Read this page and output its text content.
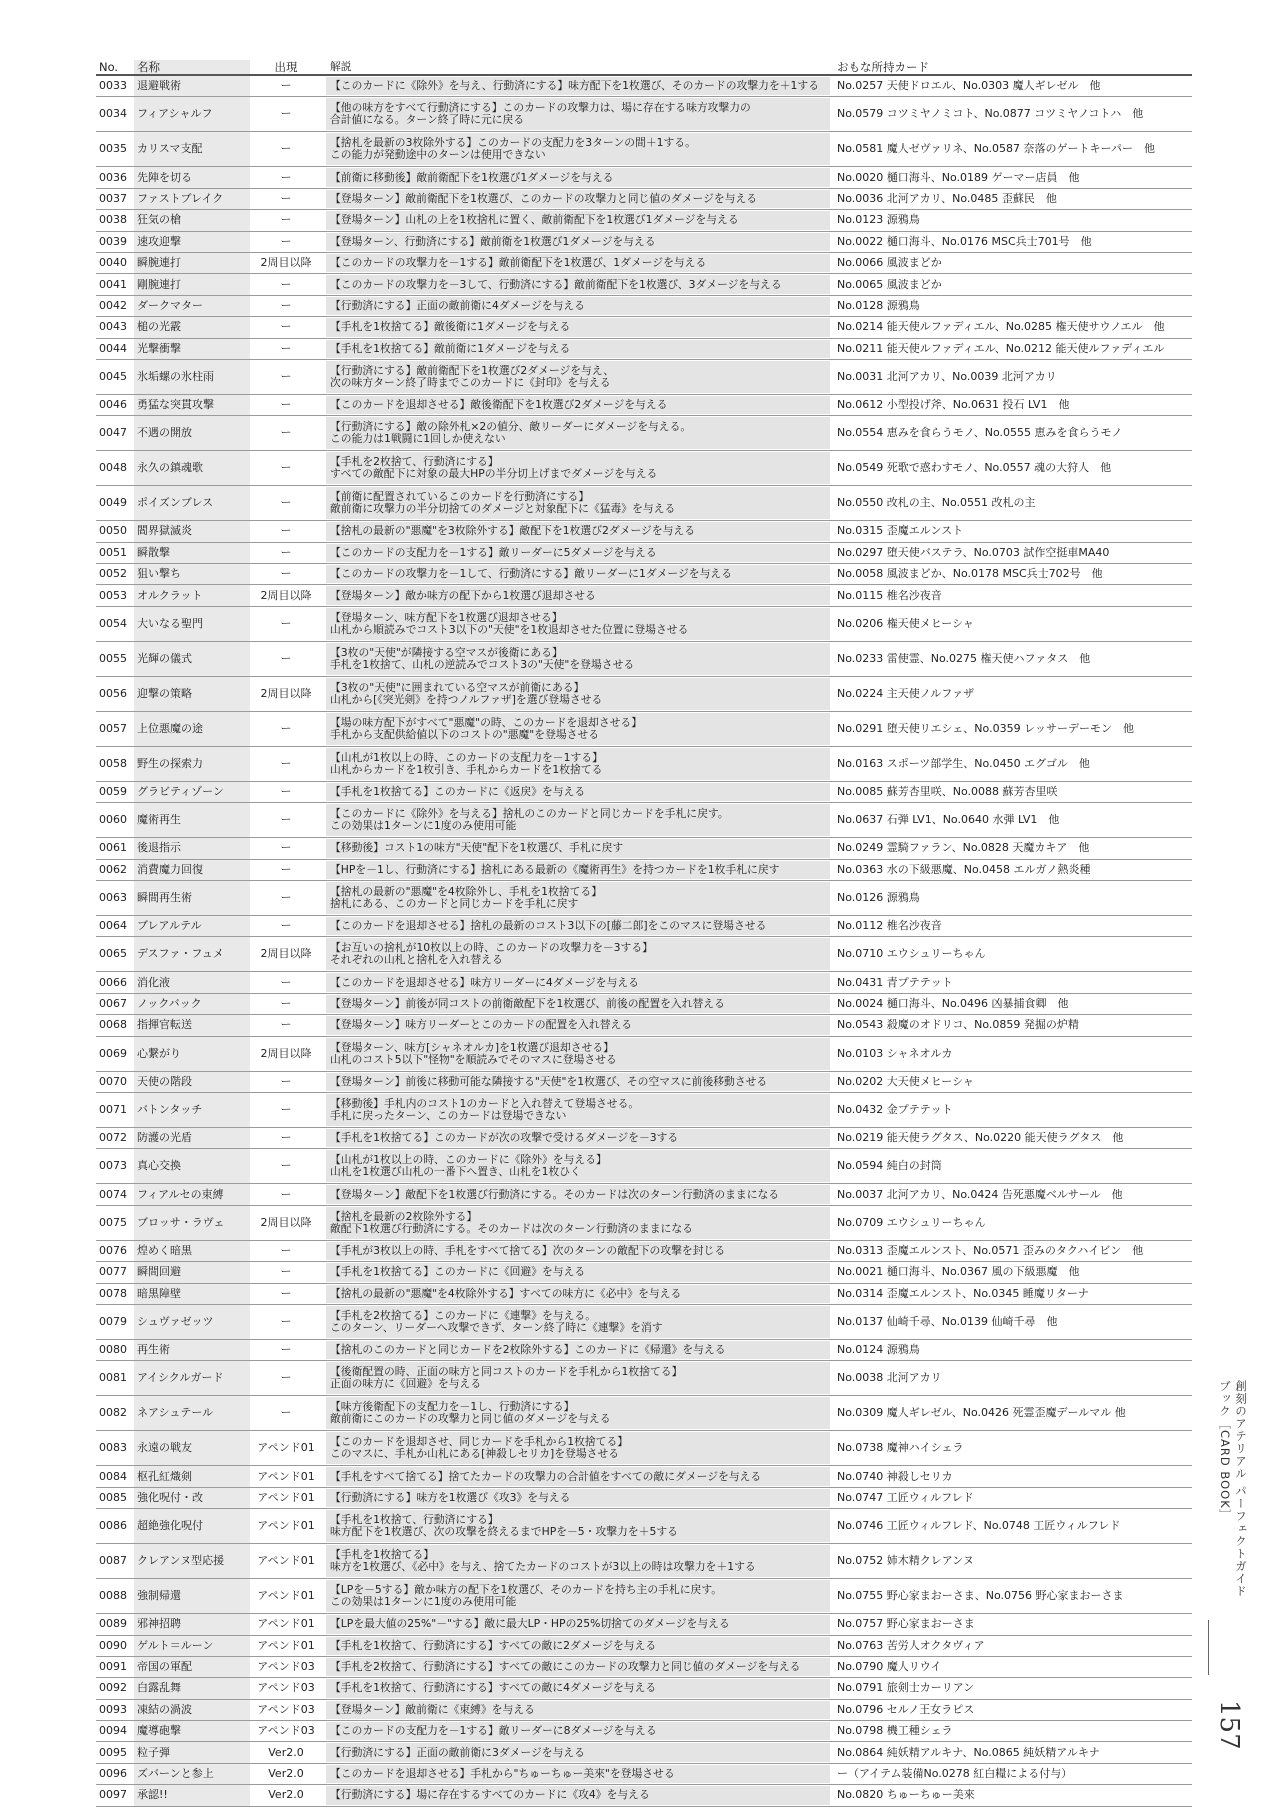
No.	名称	出現	解説	おもな所持カード
0033 退避戦術	ー	【このカードに《除外》を与え、行動済にする】味方配下を1枚選び、そのカードの攻撃力を＋1する	No.0257 天使ドロエル、No.0303 魔人ギレゼル　他
0034 フィアシャルフ	ー	【他の味方をすべて行動済にする】このカードの攻撃力は、場に存在する味方攻撃力の
合計値になる。ターン終了時に元に戻る	No.0579 コツミヤノミコト、No.0877 コツミヤノコトハ　他
0035 カリスマ支配	ー	【捨札を最新の3枚除外する】このカードの支配力を3ターンの間＋1する。
この能力が発動途中のターンは使用できない	No.0581 魔人ゼヴァリネ、No.0587 奈落のゲートキーパー　他
0036 先陣を切る	ー	【前衛に移動後】敵前衛配下を1枚選び1ダメージを与える	No.0020 樋口海斗、No.0189 ゲーマー店員　他
0037 ファストブレイク	ー	【登場ターン】敵前衛配下を1枚選び、このカードの攻撃力と同じ値のダメージを与える	No.0036 北河アカリ、No.0485 歪蘇民　他
0038 狂気の槍	ー	【登場ターン】山札の上を1枚捨札に置く、敵前衛配下を1枚選び1ダメージを与える	No.0123 源鴉鳥
0039 速攻迎撃	ー	【登場ターン、行動済にする】敵前衛を1枚選び1ダメージを与える	No.0022 樋口海斗、No.0176 MSC兵士701号　他
0040 瞬腕連打	2周目以降	【このカードの攻撃力を－1する】敵前衛配下を1枚選び、1ダメージを与える	No.0066 風波まどか
0041 剛腕連打	ー	【このカードの攻撃力を－3して、行動済にする】敵前衛配下を1枚選び、3ダメージを与える	No.0065 風波まどか
0042 ダークマター	ー	【行動済にする】正面の敵前衛に4ダメージを与える	No.0128 源鴉鳥
0043 槌の光霰	ー	【手札を1枚捨てる】敵後衛に1ダメージを与える	No.0214 能天使ルファディエル、No.0285 権天使サウノエル　他
0044 光撃衝撃	ー	【手札を1枚捨てる】敵前衛に1ダメージを与える	No.0211 能天使ルファディエル、No.0212 能天使ルファディエル
0045 氷垢螺の氷柱雨	ー	【行動済にする】敵前衛配下を1枚選び2ダメージを与え、
次の味方ターン終了時までこのカードに《封印》を与える	No.0031 北河アカリ、No.0039 北河アカリ
0046 勇猛な突貫攻撃	ー	【このカードを退却させる】敵後衛配下を1枚選び2ダメージを与える	No.0612 小型投げ斧、No.0631 投石 LV1　他
0047 不遇の開放	ー	【行動済にする】敵の除外札×2の値分、敵リーダーにダメージを与える。
この能力は1戦闘に1回しか使えない	No.0554 恵みを食らうモノ、No.0555 恵みを食らうモノ
0048 永久の鎮魂歌	ー	【手札を2枚捨て、行動済にする】
すべての敵配下に対象の最大HPの半分切上げまでダメージを与える	No.0549 死歌で惑わすモノ、No.0557 魂の大狩人　他
0049 ポイズンブレス	ー	【前衛に配置されているこのカードを行動済にする】
敵前衛に攻撃力の半分切捨てのダメージと対象配下に《猛毒》を与える	No.0550 改札の主、No.0551 改札の主
0050 閻界獄滅炎	ー	【捨札の最新の"悪魔"を3枚除外する】敵配下を1枚選び2ダメージを与える	No.0315 歪魔エルンスト
0051 瞬散撃	ー	【このカードの支配力を－1する】敵リーダーに5ダメージを与える	No.0297 堕天使バステラ、No.0703 試作空挺車MA40
0052 狙い撃ち	ー	【このカードの攻撃力を－1して、行動済にする】敵リーダーに1ダメージを与える	No.0058 風波まどか、No.0178 MSC兵士702号　他
0053 オルクラット	2周目以降	【登場ターン】敵か味方の配下から1枚選び退却させる	No.0115 椎名沙夜音
0054 大いなる聖門	ー	【登場ターン、味方配下を1枚選び退却させる】
山札から順読みでコスト3以下の"天使"を1枚退却させた位置に登場させる	No.0206 権天使メヒーシャ
0055 光輝の儀式	ー	【3枚の"天使"が隣接する空マスが後衛にある】
手札を1枚捨て、山札の逆読みでコスト3の"天使"を登場させる	No.0233 雷使霊、No.0275 権天使ハファタス　他
0056 迎撃の策略	2周目以降	【3枚の"天使"に囲まれている空マスが前衛にある】
山札から[《突光剣》を持つノルファザ]を選び登場させる	No.0224 主天使ノルファザ
0057 上位悪魔の途	ー	【場の味方配下がすべて"悪魔"の時、このカードを退却させる】
手札から支配供給値以下のコストの"悪魔"を登場させる	No.0291 堕天使リエシェ、No.0359 レッサーデーモン　他
0058 野生の探索力	ー	【山札が1枚以上の時、このカードの支配力を－1する】
山札からカードを1枚引き、手札からカードを1枚捨てる	No.0163 スポーツ部学生、No.0450 エグゴル　他
0059 グラビティゾーン	ー	【手札を1枚捨てる】このカードに《返戻》を与える	No.0085 蘇芳杏里咲、No.0088 蘇芳杏里咲
0060 魔術再生	ー	【このカードに《除外》を与える】捨札のこのカードと同じカードを手札に戻す。
この効果は1ターンに1度のみ使用可能	No.0637 石弾 LV1、No.0640 水弾 LV1　他
0061 後退指示	ー	【移動後】コスト1の味方"天使"配下を1枚選び、手札に戻す	No.0249 霊騎ファラン、No.0828 天魔カキア　他
0062 消費魔力回復	ー	【HPを－1し、行動済にする】捨札にある最新の《魔術再生》を持つカードを1枚手札に戻す	No.0363 水の下級悪魔、No.0458 エルガノ熱炎種
0063 瞬間再生術	ー	【捨札の最新の"悪魔"を4枚除外し、手札を1枚捨てる】
捨札にある、このカードと同じカードを手札に戻す	No.0126 源鴉鳥
0064 ブレアルテル	ー	【このカードを退却させる】捨札の最新のコスト3以下の[藤二郎]をこのマスに登場させる	No.0112 椎名沙夜音
0065 デスファ・フュメ	2周目以降	【お互いの捨札が10枚以上の時、このカードの攻撃力を－3する】
それぞれの山札と捨札を入れ替える	No.0710 エウシュリーちゃん
0066 消化液	ー	【このカードを退却させる】味方リーダーに4ダメージを与える	No.0431 青プテテット
0067 ノックバック	ー	【登場ターン】前後が同コストの前衛敵配下を1枚選び、前後の配置を入れ替える	No.0024 樋口海斗、No.0496 凶暴捕食卿　他
0068 指揮官転送	ー	【登場ターン】味方リーダーとこのカードの配置を入れ替える	No.0543 殺魔のオドリコ、No.0859 発掘の炉精
0069 心繋がり	2周目以降	【登場ターン、味方[シャネオルカ]を1枚選び退却させる】
山札のコスト5以下"怪物"を順読みでそのマスに登場させる	No.0103 シャネオルカ
0070 天使の階段	ー	【登場ターン】前後に移動可能な隣接する"天使"を1枚選び、その空マスに前後移動させる	No.0202 大天使メヒーシャ
0071 バトンタッチ	ー	【移動後】手札内のコスト1のカードと入れ替えて登場させる。
手札に戻ったターン、このカードは登場できない	No.0432 金プテテット
0072 防護の光盾	ー	【手札を1枚捨てる】このカードが次の攻撃で受けるダメージを－3する	No.0219 能天使ラグタス、No.0220 能天使ラグタス　他
0073 真心交換	ー	【山札が1枚以上の時、このカードに《除外》を与える】
山札を1枚選び山札の一番下へ置き、山札を1枚ひく	No.0594 純白の封筒
0074 フィアルセの束縛	ー	【登場ターン】敵配下を1枚選び行動済にする。そのカードは次のターン行動済のままになる	No.0037 北河アカリ、No.0424 告死悪魔ベルサール　他
0075 ブロッサ・ラヴェ	2周目以降	【捨札を最新の2枚除外する】
敵配下1枚選び行動済にする。そのカードは次のターン行動済のままになる	No.0709 エウシュリーちゃん
0076 煌めく暗黒	ー	【手札が3枚以上の時、手札をすべて捨てる】次のターンの敵配下の攻撃を封じる	No.0313 歪魔エルンスト、No.0571 歪みのタクハイビン　他
0077 瞬間回避	ー	【手札を1枚捨てる】このカードに《回避》を与える	No.0021 樋口海斗、No.0367 風の下級悪魔　他
0078 暗黒障壁	ー	【捨札の最新の"悪魔"を4枚除外する】すべての味方に《必中》を与える	No.0314 歪魔エルンスト、No.0345 睡魔リターナ
0079 シュヴァゼッツ	ー	【手札を2枚捨てる】このカードに《連撃》を与える。
このターン、リーダーへ攻撃できず、ターン終了時に《連撃》を消す	No.0137 仙崎千尋、No.0139 仙崎千尋　他
0080 再生術	ー	【捨札のこのカードと同じカードを2枚除外する】このカードに《帰還》を与える	No.0124 源鴉鳥
0081 アイシクルガード	ー	【後衛配置の時、正面の味方と同コストのカードを手札から1枚捨てる】
正面の味方に《回避》を与える	No.0038 北河アカリ
0082 ネアシュテール	ー	【味方後衛配下の支配力を－1し、行動済にする】
敵前衛にこのカードの攻撃力と同じ値のダメージを与える	No.0309 魔人ギレゼル、No.0426 死霊歪魔デールマル 他
0083 永遠の戦友	アペンド01	【このカードを退却させ、同じカードを手札から1枚捨てる】
このマスに、手札か山札にある[神殺しセリカ]を登場させる	No.0738 魔神ハイシェラ
0084 枢孔紅熾剣	アペンド01	【手札をすべて捨てる】捨てたカードの攻撃力の合計値をすべての敵にダメージを与える	No.0740 神殺しセリカ
0085 強化呪付・改	アペンド01	【行動済にする】味方を1枚選び《攻3》を与える	No.0747 工匠ウィルフレド
0086 超絶強化呪付	アペンド01	【手札を1枚捨て、行動済にする】
味方配下を1枚選び、次の攻撃を終えるまでHPを－5・攻撃力を＋5する	No.0746 工匠ウィルフレド、No.0748 工匠ウィルフレド
0087 クレアンヌ型応援	アペンド01	【手札を1枚捨てる】
味方を1枚選び、《必中》を与え、捨てたカードのコストが3以上の時は攻撃力を＋1する	No.0752 姉木精クレアンヌ
0088 強制帰還	アペンド01	【LPを－5する】敵か味方の配下を1枚選び、そのカードを持ち主の手札に戻す。
この効果は1ターンに1度のみ使用可能	No.0755 野心家まおーさま、No.0756 野心家まおーさま
0089 邪神招聘	アペンド01	【LPを最大値の25%"－"する】敵に最大LP・HPの25%切捨てのダメージを与える	No.0757 野心家まおーさま
0090 ゲルト＝ルーン	アペンド01	【手札を1枚捨て、行動済にする】すべての敵に2ダメージを与える	No.0763 苦労人オクタヴィア
0091 帝国の軍配	アペンド03	【手札を2枚捨て、行動済にする】すべての敵にこのカードの攻撃力と同じ値のダメージを与える	No.0790 魔人リウイ
0092 白露乱舞	アペンド03	【手札を1枚捨て、行動済にする】すべての敵に4ダメージを与える	No.0791 旅剣士カーリアン
0093 凍結の渦波	アペンド03	【登場ターン】敵前衛に《束縛》を与える	No.0796 セルノ王女ラピス
0094 魔導砲撃	アペンド03	【このカードの支配力を－1する】敵リーダーに8ダメージを与える	No.0798 機工種シェラ
0095 粒子弾	Ver2.0	【行動済にする】正面の敵前衛に3ダメージを与える	No.0864 純妖精アルキナ、No.0865 純妖精アルキナ
0096 ズバーンと参上	Ver2.0	【このカードを退却させる】手札から"ちゅーちゅー美來"を登場させる	ー（アイテム装備No.0278 紅白糧による付与）
0097 承認!!	Ver2.0	【行動済にする】場に存在するすべてのカードに《攻4》を与える	No.0820 ちゅーちゅー美來
創刻のアテリアル パーフェクトガイドブック［CARD BOOK］
157
